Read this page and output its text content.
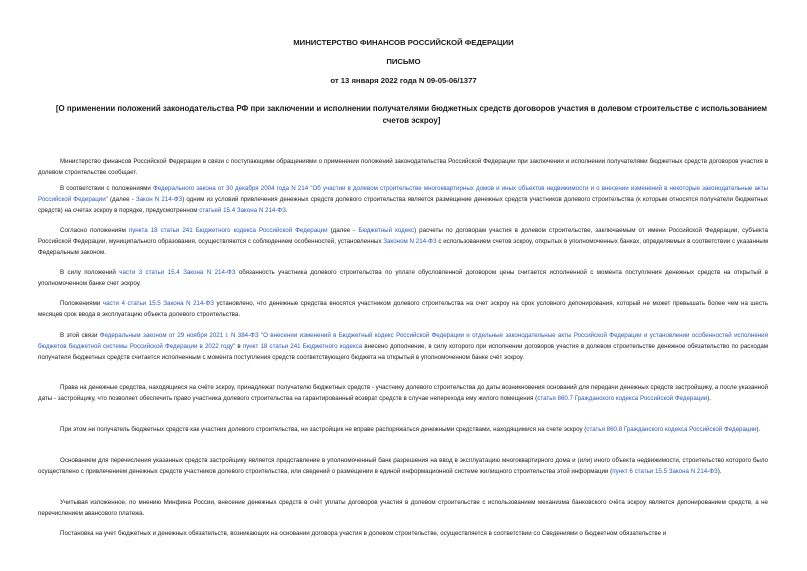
МИНИСТЕРСТВО ФИНАНСОВ РОССИЙСКОЙ ФЕДЕРАЦИИ
ПИСЬМО
от 13 января 2022 года N 09-05-06/1377
[О применении положений законодательства РФ при заключении и исполнении получателями бюджетных средств договоров участия в долевом строительстве с использованием счетов эскроу]

Министерство финансов Российской Федерации в связи с поступающими обращениями о применении положений законодательства Российской Федерации при заключении и исполнении получателями бюджетных средств договоров участия в долевом строительстве сообщает.

В соответствии с положениями Федерального закона от 30 декабря 2004 года N 214 "Об участии в долевом строительстве многоквартирных домов и иных объектов недвижимости и о внесении изменений в некоторые законодательные акты Российской Федерации" (далее - Закон N 214-ФЗ) одним из условий привлечения денежных средств долевого строительства является размещение денежных средств участников долевого строительства (к которым относятся получатели бюджетных средств) на счетах эскроу в порядке, предусмотренном статьей 15.4 Закона N 214-ФЗ.

Согласно положениям пункта 18 статьи 241 Бюджетного кодекса Российской Федерации (далее - Бюджетный кодекс) расчеты по договорам участия в долевом строительстве, заключаемым от имени Российской Федерации, субъекта Российской Федерации, муниципального образования, осуществляются с соблюдением особенностей, установленных Законом N 214-ФЗ с использованием счетов эскроу, открытых в уполномоченных банках, определяемых в соответствии с указанным Федеральным законом.

В силу положений части 3 статьи 15.4 Закона N 214-ФЗ обязанность участника долевого строительства по уплате обусловленной договором цены считается исполненной с момента поступления денежных средств на открытый в уполномоченном банке счет эскроу.

Положениями части 4 статьи 15.5 Закона N 214-ФЗ установлено, что денежные средства вносятся участником долевого строительства на счет эскроу на срок условного депонирования, который не может превышать более чем на шесть месяцев срок ввода в эксплуатацию объекта долевого строительства.

В этой связи Федеральным законом от 29 ноября 2021 г. N 384-ФЗ "О внесении изменений в Бюджетный кодекс Российской Федерации и отдельные законодательные акты Российской Федерации и установлении особенностей исполнения бюджетов бюджетной системы Российской Федерации в 2022 году" в пункт 18 статьи 241 Бюджетного кодекса внесено дополнение, в силу которого при исполнении договоров участия в долевом строительстве денежное обязательство по расходам получателя бюджетных средств считается исполненным с момента поступления средств соответствующего бюджета на открытый в уполномоченном банке счёт эскроу.

Права на денежные средства, находящиеся на счёте эскроу, принадлежат получателю бюджетных средств - участнику долевого строительства до даты возникновения оснований для передачи денежных средств застройщику, а после указанной даты - застройщику, что позволяет обеспечить право участника долевого строительства на гарантированный возврат средств в случае неперехода ему жилого помещения (статья 860.7 Гражданского кодекса Российской Федерации).

При этом ни получатель бюджетных средств как участник долевого строительства, ни застройщик не вправе распоряжаться денежными средствами, находящимися на счете эскроу (статья 860.8 Гражданского кодекса Российской Федерации).

Основанием для перечисления указанных средств застройщику является представление в уполномоченный банк разрешения на ввод в эксплуатацию многоквартирного дома и (или) иного объекта недвижимости, строительство которого было осуществлено с привлечением денежных средств участников долевого строительства, или сведений о размещении в единой информационной системе жилищного строительства этой информации (пункт 6 статьи 15.5 Закона N 214-ФЗ).

Учитывая изложенное, по мнению Минфина России, внесение денежных средств в счёт уплаты договоров участия в долевом строительстве с использованием механизма банковского счёта эскроу является депонированием средств, а не перечислением авансового платежа.

Постановка на учет бюджетных и денежных обязательств, возникающих на основании договора участия в долевом строительстве, осуществляется в соответствии со Сведениями о бюджетном обязательстве и
